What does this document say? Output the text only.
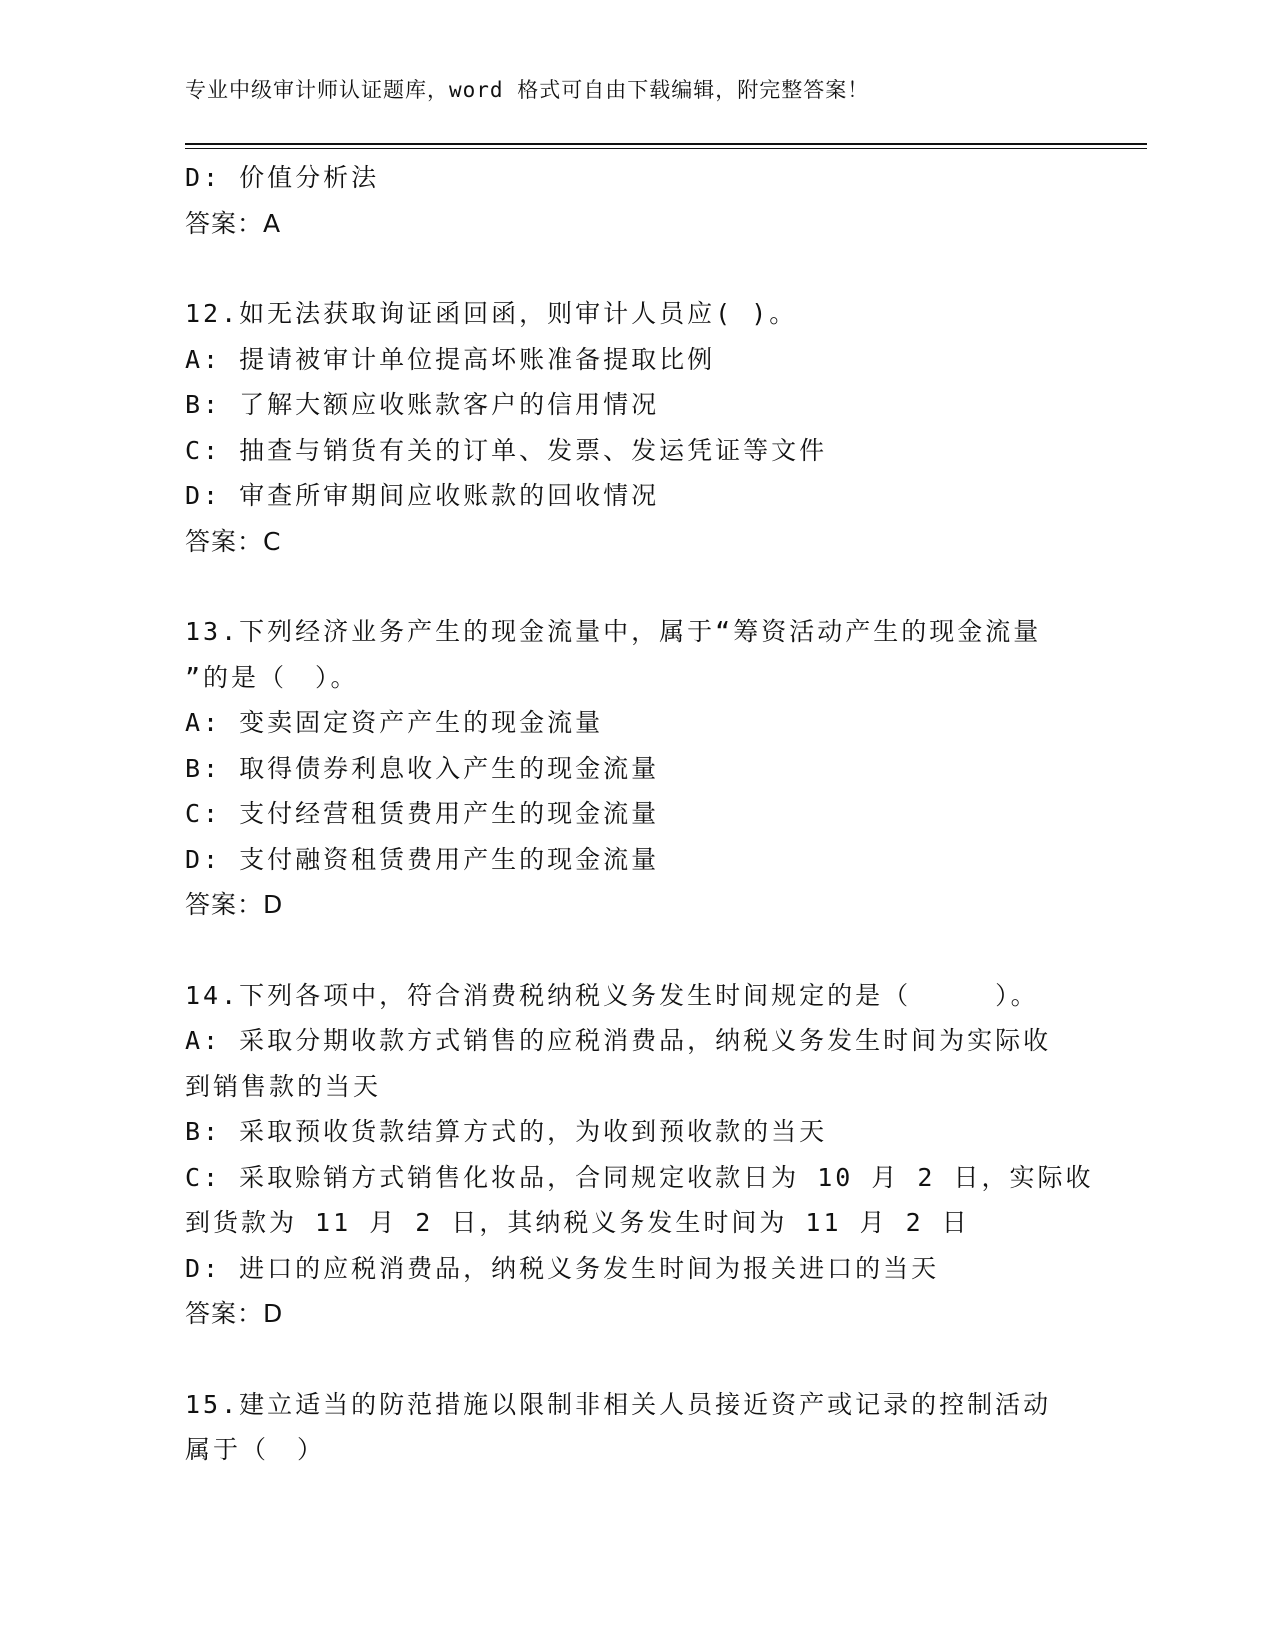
专业中级审计师认证题库，word 格式可自由下载编辑，附完整答案！
D: 价值分析法
答案：A
12.如无法获取询证函回函，则审计人员应( )。
A: 提请被审计单位提高坏账准备提取比例
B: 了解大额应收账款客户的信用情况
C: 抽查与销货有关的订单、发票、发运凭证等文件
D: 审查所审期间应收账款的回收情况
答案：C
13.下列经济业务产生的现金流量中，属于“筹资活动产生的现金流量
”的是（　）。
A: 变卖固定资产产生的现金流量
B: 取得债券利息收入产生的现金流量
C: 支付经营租赁费用产生的现金流量
D: 支付融资租赁费用产生的现金流量
答案：D
14.下列各项中，符合消费税纳税义务发生时间规定的是（　　　）。
A: 采取分期收款方式销售的应税消费品，纳税义务发生时间为实际收
到销售款的当天
B: 采取预收货款结算方式的，为收到预收款的当天
C: 采取赊销方式销售化妆品，合同规定收款日为 10 月 2 日，实际收
到货款为 11 月 2 日，其纳税义务发生时间为 11 月 2 日
D: 进口的应税消费品，纳税义务发生时间为报关进口的当天
答案：D
15.建立适当的防范措施以限制非相关人员接近资产或记录的控制活动
属于（　）
